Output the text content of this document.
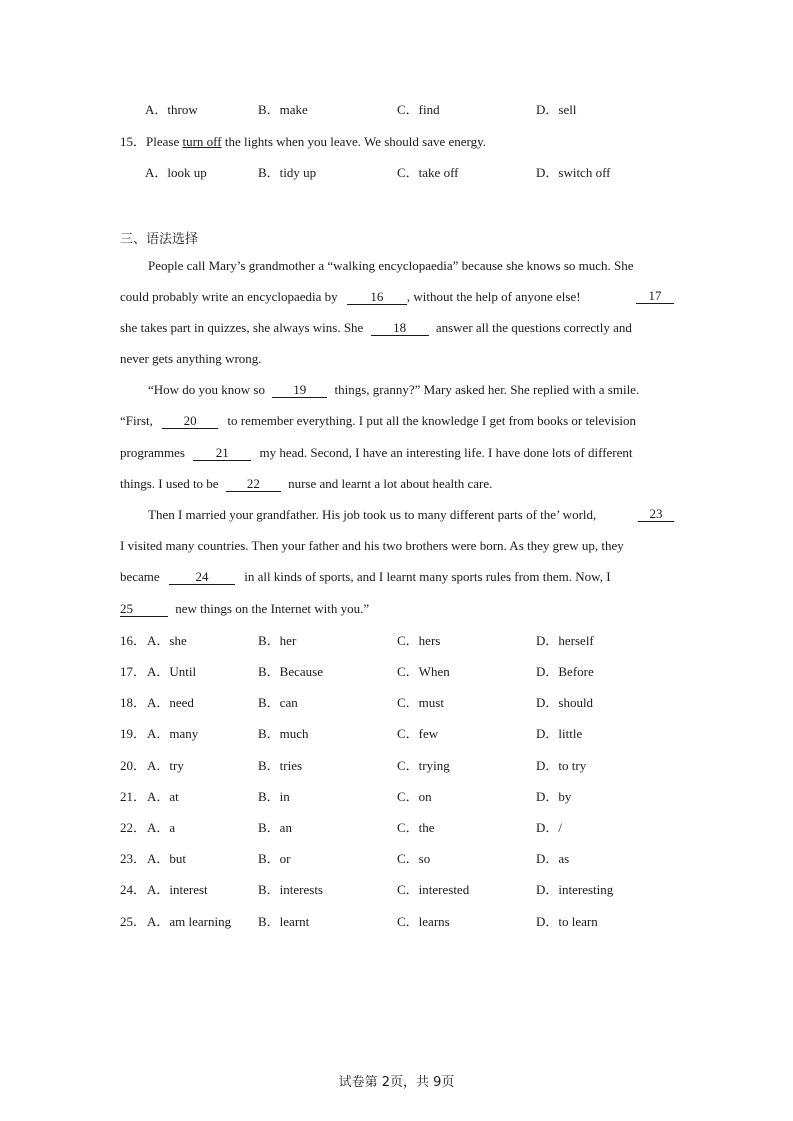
A．throw	B．make	C．find	D．sell
15．Please turn off the lights when you leave. We should save energy.
A．look up	B．tidy up	C．take off	D．switch off
三、语法选择
People call Mary’s grandmother a “walking encyclopaedia” because she knows so much. She
could probably write an encyclopaedia by	16 , without the help of anyone else!	17
she takes part in quizzes, she always wins. She 18 answer all the questions correctly and
never gets anything wrong.
“How do you know so 19 things, granny?” Mary asked her. She replied with a smile.
“First, 20 to remember everything. I put all the knowledge I get from books or television
programmes 21 my head. Second, I have an interesting life. I have done lots of different
things. I used to be 22 nurse and learnt a lot about health care.
Then I married your grandfather. His job took us to many different parts of the’ world,	23
I visited many countries. Then your father and his two brothers were born. As they grew up, they
became	24	in all kinds of sports, and I learnt many sports rules from them. Now, I
25	new things on the Internet with you.”
16． A．she	B．her	C．hers	D．herself
17． A．Until	B．Because	C．When	D．Before
18． A．need	B．can	C．must	D．should
19． A．many	B．much	C．few	D．little
20． A．try	B．tries	C．trying	D．to try
21． A．at	B．in	C．on	D．by
22． A．a	B．an	C．the	D．/
23． A．but	B．or	C．so	D．as
24． A．interest	B．interests	C．interested	D．interesting
25． A．am learning B．learnt	C．learns	D．to learn
试卷第 2页，共 9页
